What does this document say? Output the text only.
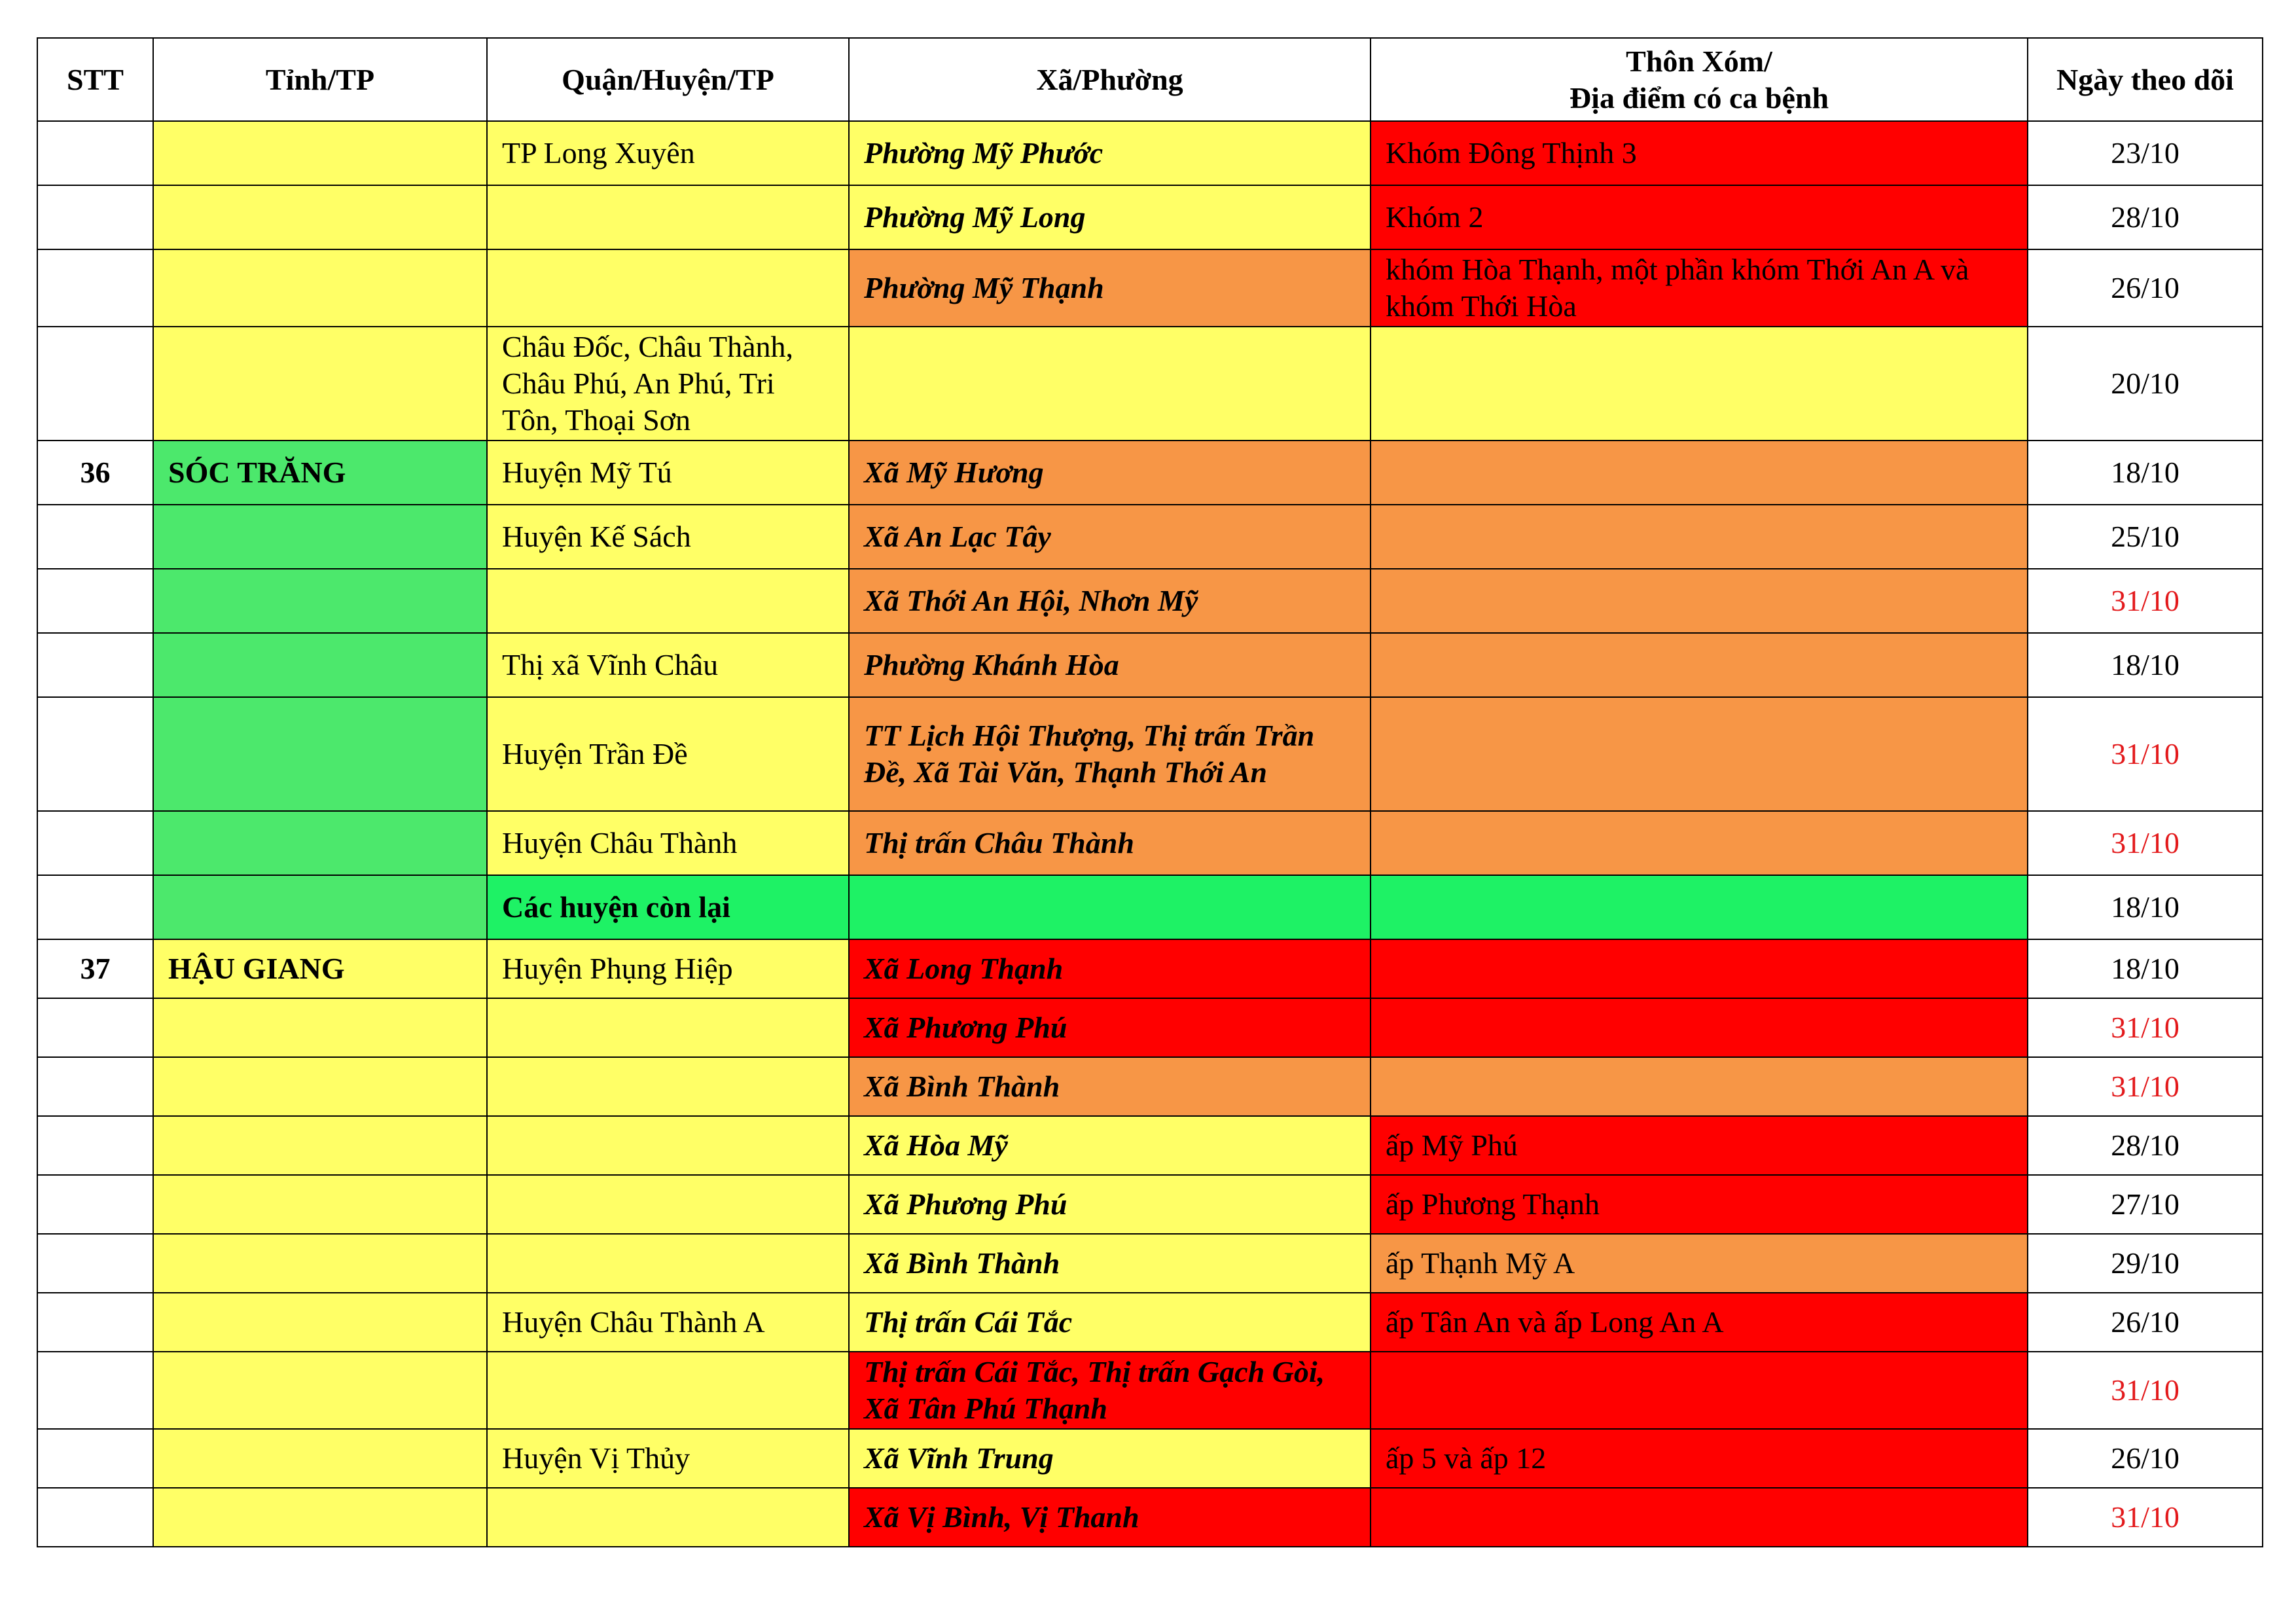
STT	Tỉnh/TP	Quận/Huyện/TP	Xã/Phường	Thôn Xóm/
Địa điểm có ca bệnh	Ngày theo dõi
		TP Long Xuyên	Phường Mỹ Phước	Khóm Đông Thịnh 3	23/10
			Phường Mỹ Long	Khóm 2	28/10
			Phường Mỹ Thạnh	khóm Hòa Thạnh, một phần khóm Thới An A và khóm Thới Hòa	26/10
		Châu Đốc, Châu Thành, Châu Phú, An Phú, Tri Tôn, Thoại Sơn			20/10
36	SÓC TRĂNG	Huyện Mỹ Tú	Xã Mỹ Hương		18/10
		Huyện Kế Sách	Xã An Lạc Tây		25/10
			Xã Thới An Hội, Nhơn Mỹ		31/10
		Thị xã Vĩnh Châu	Phường Khánh Hòa		18/10
		Huyện Trần Đề	TT Lịch Hội Thượng, Thị trấn Trần Đề, Xã Tài Văn, Thạnh Thới An		31/10
		Huyện Châu Thành	Thị trấn Châu Thành		31/10
		Các huyện còn lại			18/10
37	HẬU GIANG	Huyện Phụng Hiệp	Xã Long Thạnh		18/10
			Xã Phương Phú		31/10
			Xã Bình Thành		31/10
			Xã Hòa Mỹ	ấp Mỹ Phú	28/10
			Xã Phương Phú	ấp Phương Thạnh	27/10
			Xã Bình Thành	ấp Thạnh Mỹ A	29/10
		Huyện Châu Thành A	Thị trấn Cái Tắc	ấp Tân An và ấp Long An A	26/10
			Thị trấn Cái Tắc, Thị trấn Gạch Gòi, Xã Tân Phú Thạnh		31/10
		Huyện Vị Thủy	Xã Vĩnh Trung	ấp 5 và ấp 12	26/10
			Xã Vị Bình, Vị Thanh		31/10
